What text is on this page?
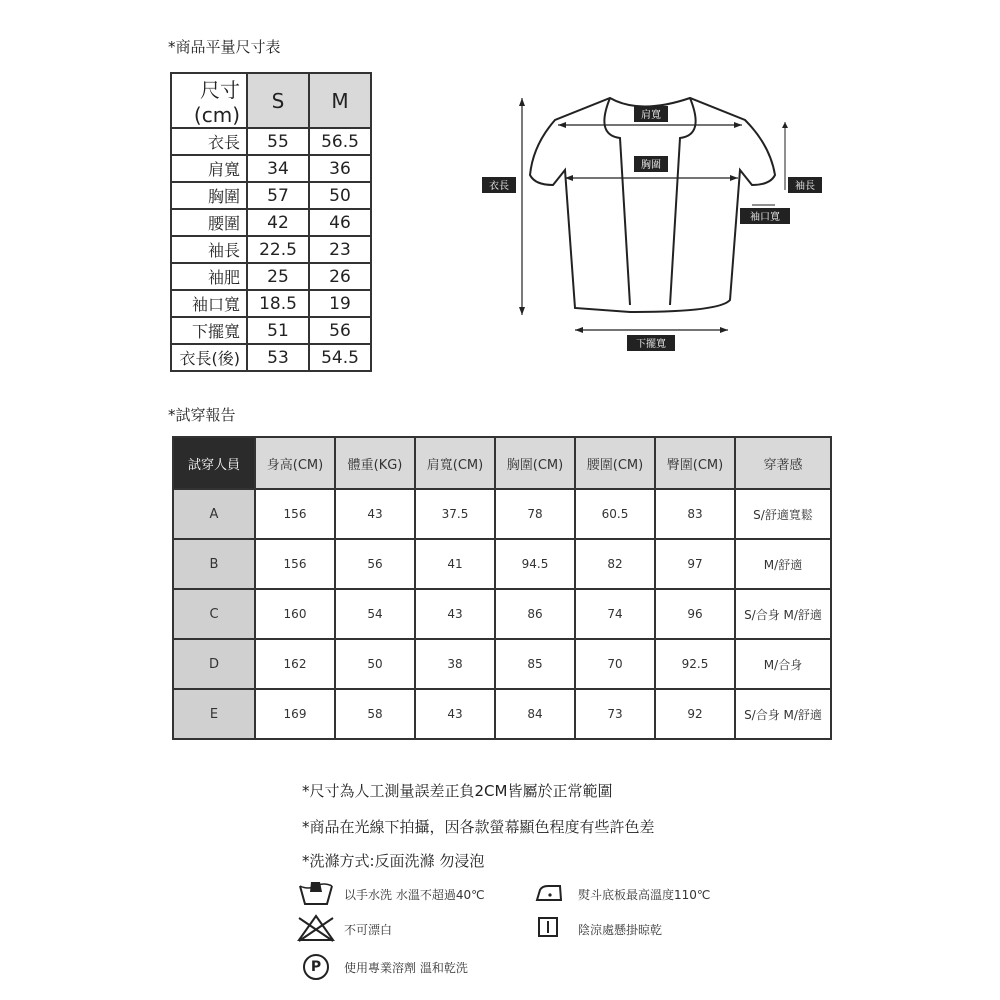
*商品平量尺寸表
尺寸(cm)	S	M
衣長	55	56.5
肩寬	34	36
胸圍	57	50
腰圍	42	46
袖長	22.5	23
袖肥	25	26
袖口寬	18.5	19
下擺寬	51	56
衣長(後)	53	54.5
肩寬
胸圍
衣長	袖長
袖口寬
下擺寬
*試穿報告
試穿人員	身高(CM)	體重(KG)	肩寬(CM)	胸圍(CM)	腰圍(CM)	臀圍(CM)	穿著感
A	156	43	37.5	78	60.5	83	S/舒適寬鬆
B	156	56	41	94.5	82	97	M/舒適
C	160	54	43	86	74	96	S/合身 M/舒適
D	162	50	38	85	70	92.5	M/合身
E	169	58	43	84	73	92	S/合身 M/舒適
*尺寸為人工測量誤差正負2CM皆屬於正常範圍
*商品在光線下拍攝，因各款螢幕顯色程度有些許色差
*洗滌方式:反面洗滌 勿浸泡
以手水洗 水溫不超過40℃
不可漂白
P	使用專業溶劑 溫和乾洗
熨斗底板最高溫度110℃
陰涼處懸掛晾乾
